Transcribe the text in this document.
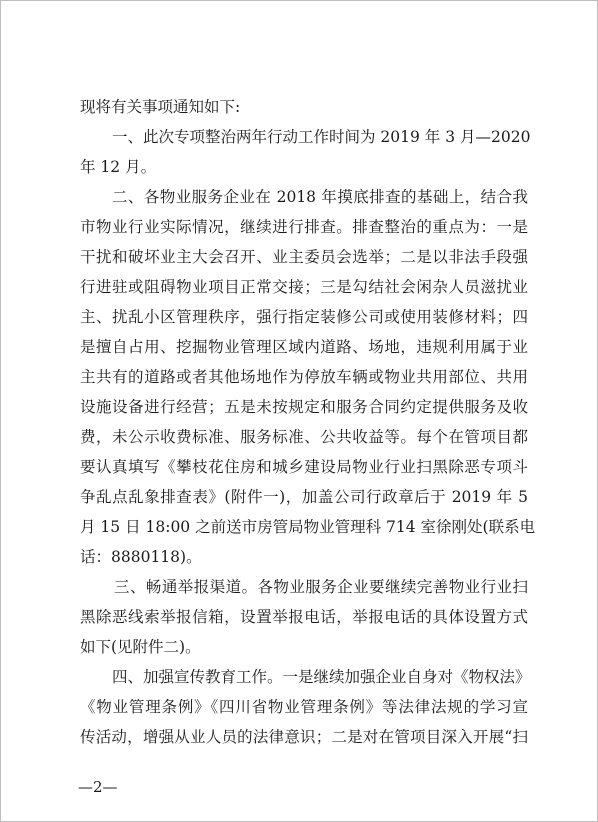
现将有关事项通知如下:
一、此次专项整治两年行动工作时间为 2019 年 3 月—2020
年 12 月。
二、各物业服务企业在 2018 年摸底排查的基础上，结合我
市物业行业实际情况，继续进行排查。排查整治的重点为：一是
干扰和破坏业主大会召开、业主委员会选举；二是以非法手段强
行进驻或阻碍物业项目正常交接；三是勾结社会闲杂人员滋扰业
主、扰乱小区管理秩序，强行指定装修公司或使用装修材料；四
是擅自占用、挖掘物业管理区域内道路、场地，违规利用属于业
主共有的道路或者其他场地作为停放车辆或物业共用部位、共用
设施设备进行经营；五是未按规定和服务合同约定提供服务及收
费，未公示收费标准、服务标准、公共收益等。每个在管项目都
要认真填写《攀枝花住房和城乡建设局物业行业扫黑除恶专项斗
争乱点乱象排查表》(附件一)，加盖公司行政章后于 2019 年 5
月 15 日 18:00 之前送市房管局物业管理科 714 室徐刚处(联系电
话：8880118)。
三、畅通举报渠道。各物业服务企业要继续完善物业行业扫
黑除恶线索举报信箱，设置举报电话，举报电话的具体设置方式
如下(见附件二)。
四、加强宣传教育工作。一是继续加强企业自身对《物权法》
《物业管理条例》《四川省物业管理条例》等法律法规的学习宣
传活动，增强从业人员的法律意识；二是对在管项目深入开展“扫
—2—
